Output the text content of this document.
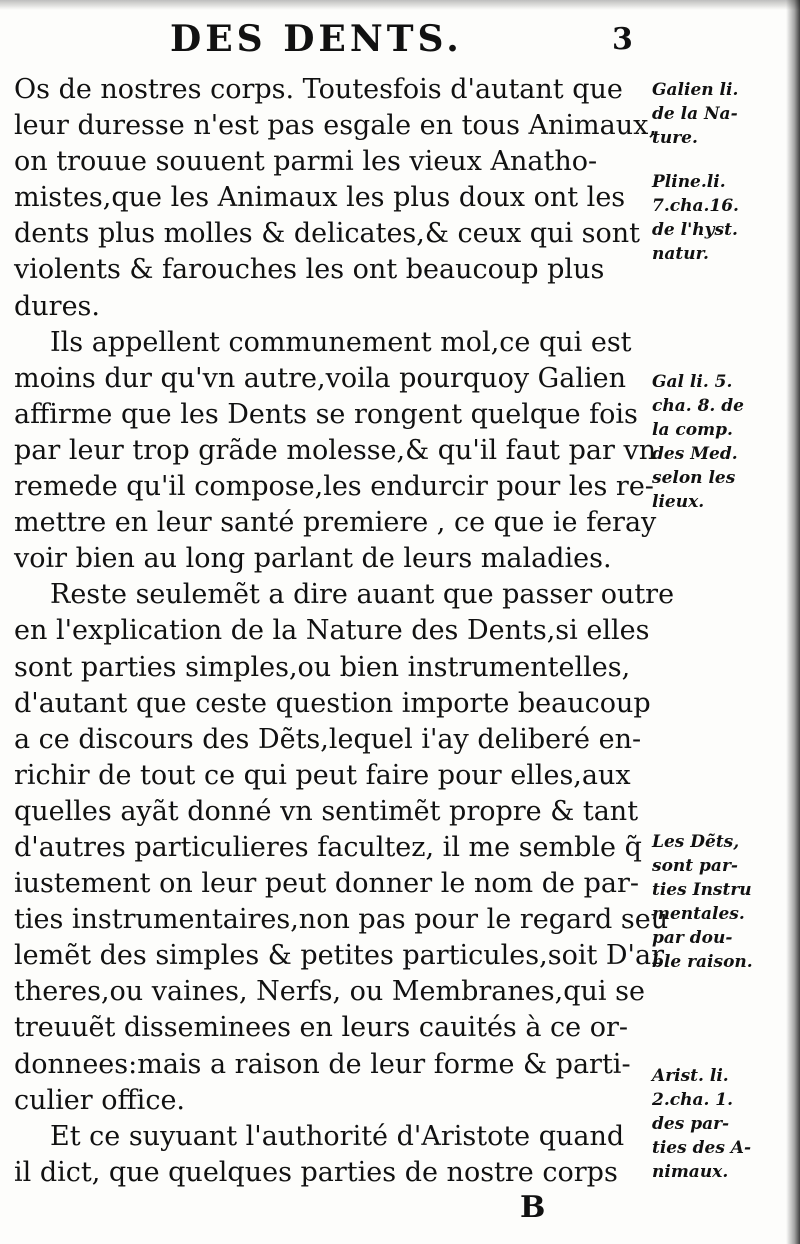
DES DENTS.	3
Os de nostres corps. Toutesfois d'autant que
leur duresse n'est pas esgale en tous Animaux,
on trouue souuent parmi les vieux Anatho-
mistes,que les Animaux les plus doux ont les
dents plus molles & delicates,& ceux qui sont
violents & farouches les ont beaucoup plus
dures.
Ils appellent communement mol,ce qui est
moins dur qu'vn autre,voila pourquoy Galien
affirme que les Dents se rongent quelque fois
par leur trop grãde molesse,& qu'il faut par vn
remede qu'il compose,les endurcir pour les re-
mettre en leur santé premiere , ce que ie feray
voir bien au long parlant de leurs maladies.
Reste seulemẽt a dire auant que passer outre
en l'explication de la Nature des Dents,si elles
sont parties simples,ou bien instrumentelles,
d'autant que ceste question importe beaucoup
a ce discours des Dẽts,lequel i'ay deliberé en-
richir de tout ce qui peut faire pour elles,aux
quelles ayãt donné vn sentimẽt propre & tant
d'autres particulieres facultez, il me semble q̃
iustement on leur peut donner le nom de par-
ties instrumentaires,non pas pour le regard seu
lemẽt des simples & petites particules,soit D'ar
theres,ou vaines, Nerfs, ou Membranes,qui se
treuuẽt disseminees en leurs cauités à ce or-
donnees:mais a raison de leur forme & parti-
culier office.
Et ce suyuant l'authorité d'Aristote quand
il dict, que quelques parties de nostre corps
Galien li.
de la Na-
ture.
Pline.li.
7.cha.16.
de l'hyst.
natur.
Gal li. 5.
cha. 8. de
la comp.
des Med.
selon les
lieux.
Les Dẽts,
sont par-
ties Instru
mentales.
par dou-
ble raison.
Arist. li.
2.cha. 1.
des par-
ties des A-
nimaux.
B
